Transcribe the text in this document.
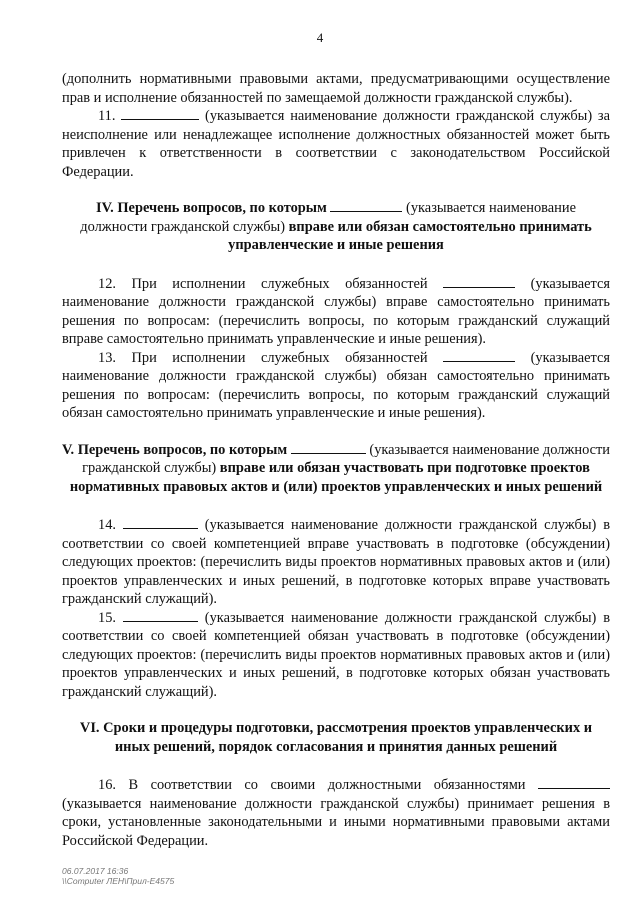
4

(дополнить нормативными правовыми актами, предусматривающими осуществление прав и исполнение обязанностей по замещаемой должности гражданской службы).

11.	(указывается наименование должности гражданской службы) за неисполнение или ненадлежащее исполнение должностных обязанностей может быть привлечен к ответственности в соответствии с законодательством Российской Федерации.

IV. Перечень вопросов, по которым	(указывается наименование должности гражданской службы) вправе или обязан самостоятельно принимать управленческие и иные решения

12. При исполнении служебных обязанностей	(указывается наименование должности гражданской службы) вправе самостоятельно принимать решения по вопросам: (перечислить вопросы, по которым гражданский служащий вправе самостоятельно принимать управленческие и иные решения).

13. При исполнении служебных обязанностей	(указывается наименование должности гражданской службы) обязан самостоятельно принимать решения по вопросам: (перечислить вопросы, по которым гражданский служащий обязан самостоятельно принимать управленческие и иные решения).

V. Перечень вопросов, по которым	(указывается наименование должности гражданской службы) вправе или обязан участвовать при подготовке проектов нормативных правовых актов и (или) проектов управленческих и иных решений

14.	(указывается наименование должности гражданской службы) в соответствии со своей компетенцией вправе участвовать в подготовке (обсуждении) следующих проектов: (перечислить виды проектов нормативных правовых актов и (или) проектов управленческих и иных решений, в подготовке которых вправе участвовать гражданский служащий).

15.	(указывается наименование должности гражданской службы) в соответствии со своей компетенцией обязан участвовать в подготовке (обсуждении) следующих проектов: (перечислить виды проектов нормативных правовых актов и (или) проектов управленческих и иных решений, в подготовке которых обязан участвовать гражданский служащий).

VI. Сроки и процедуры подготовки, рассмотрения проектов управленческих и иных решений, порядок согласования и принятия данных решений

16. В соответствии со своими должностными обязанностями  (указывается наименование должности гражданской службы) принимает решения в сроки, установленные законодательными и иными нормативными правовыми актами Российской Федерации.

06.07.2017 16:36
\\Computer ЛЕН\Прил-Е4575
